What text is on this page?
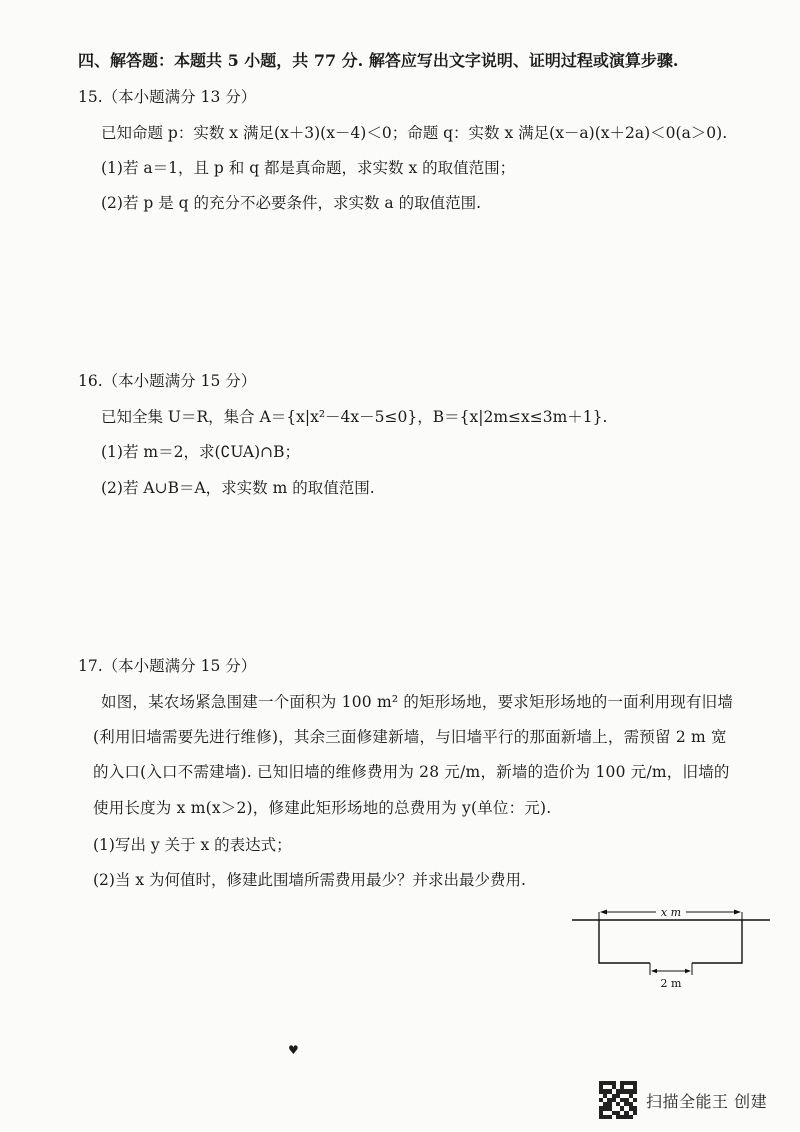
四、解答题：本题共 5 小题，共 77 分. 解答应写出文字说明、证明过程或演算步骤.
15.（本小题满分 13 分）
已知命题 p：实数 x 满足(x＋3)(x－4)＜0；命题 q：实数 x 满足(x－a)(x＋2a)＜0(a＞0).
(1)若 a＝1，且 p 和 q 都是真命题，求实数 x 的取值范围；
(2)若 p 是 q 的充分不必要条件，求实数 a 的取值范围.
16.（本小题满分 15 分）
已知全集 U＝R，集合 A＝{x|x²－4x－5≤0}，B＝{x|2m≤x≤3m＋1}.
(1)若 m＝2，求(∁UA)∩B；
(2)若 A∪B＝A，求实数 m 的取值范围.
17.（本小题满分 15 分）
如图，某农场紧急围建一个面积为 100 m² 的矩形场地，要求矩形场地的一面利用现有旧墙
(利用旧墙需要先进行维修)，其余三面修建新墙，与旧墙平行的那面新墙上，需预留 2 m 宽
的入口(入口不需建墙). 已知旧墙的维修费用为 28 元/m，新墙的造价为 100 元/m，旧墙的
使用长度为 x m(x＞2)，修建此矩形场地的总费用为 y(单位：元).
(1)写出 y 关于 x 的表达式；
(2)当 x 为何值时，修建此围墙所需费用最少？并求出最少费用.
x m
2 m
♥
扫描全能王 创建
